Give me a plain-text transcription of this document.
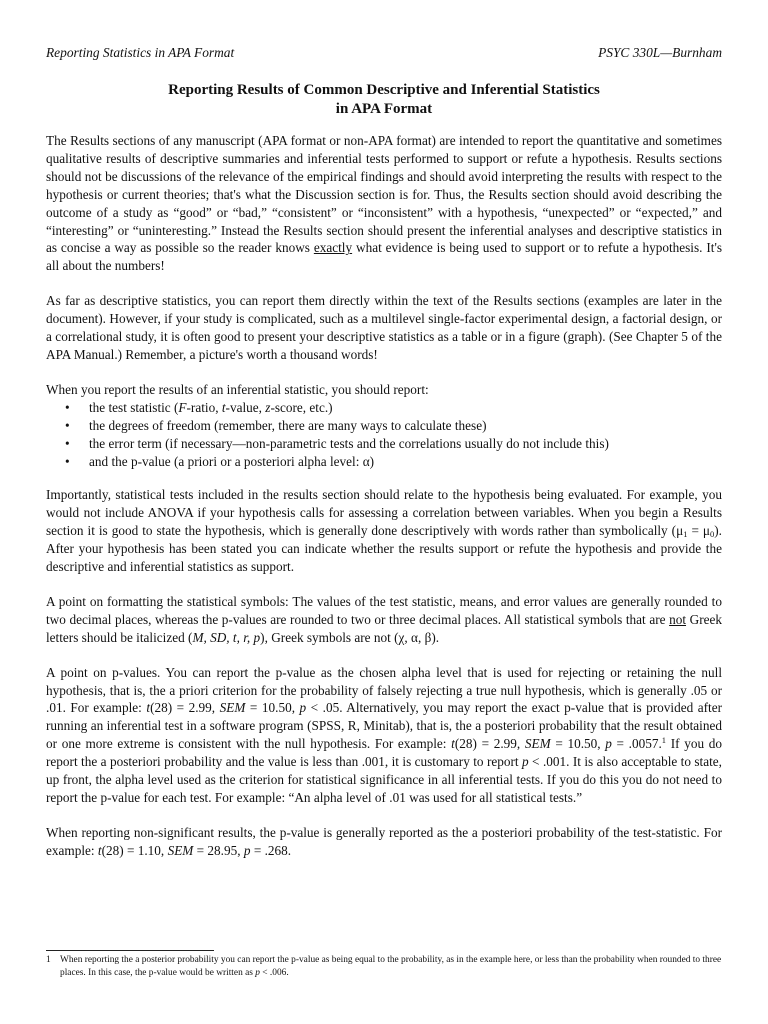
Reporting Statistics in APA Format	PSYC 330L—Burnham
Reporting Results of Common Descriptive and Inferential Statistics
in APA Format

The Results sections of any manuscript (APA format or non-APA format) are intended to report the quantitative and sometimes qualitative results of descriptive summaries and inferential tests performed to support or refute a hypothesis. Results sections should not be discussions of the relevance of the empirical findings and should avoid interpreting the results with respect to the hypothesis or current theories; that's what the Discussion section is for. Thus, the Results section should avoid describing the outcome of a study as “good” or “bad,” “consistent” or “inconsistent” with a hypothesis, “unexpected” or “expected,” and “interesting” or “uninteresting.” Instead the Results section should present the inferential analyses and descriptive statistics in as concise a way as possible so the reader knows exactly what evidence is being used to support or to refute a hypothesis. It's all about the numbers!

As far as descriptive statistics, you can report them directly within the text of the Results sections (examples are later in the document). However, if your study is complicated, such as a multilevel single-factor experimental design, a factorial design, or a correlational study, it is often good to present your descriptive statistics as a table or in a figure (graph). (See Chapter 5 of the APA Manual.) Remember, a picture's worth a thousand words!

When you report the results of an inferential statistic, you should report:

• the test statistic (F-ratio, t-value, z-score, etc.)
• the degrees of freedom (remember, there are many ways to calculate these)
• the error term (if necessary—non-parametric tests and the correlations usually do not include this)
• and the p-value (a priori or a posteriori alpha level: α)

Importantly, statistical tests included in the results section should relate to the hypothesis being evaluated. For example, you would not include ANOVA if your hypothesis calls for assessing a correlation between variables. When you begin a Results section it is good to state the hypothesis, which is generally done descriptively with words rather than symbolically $(\mu_1 = \mu_0)$. After your hypothesis has been stated you can indicate whether the results support or refute the hypothesis and provide the descriptive and inferential statistics as support.

A point on formatting the statistical symbols: The values of the test statistic, means, and error values are generally rounded to two decimal places, whereas the p-values are rounded to two or three decimal places. All statistical symbols that are not Greek letters should be italicized (M, SD, t, r, p), Greek symbols are not (χ, α, β).

A point on p-values. You can report the p-value as the chosen alpha level that is used for rejecting or retaining the null hypothesis, that is, the a priori criterion for the probability of falsely rejecting a true null hypothesis, which is generally .05 or .01. For example: t(28) = 2.99, SEM = 10.50, p < .05. Alternatively, you may report the exact p-value that is provided after running an inferential test in a software program (SPSS, R, Minitab), that is, the a posteriori probability that the result obtained or one more extreme is consistent with the null hypothesis. For example: t(28) = 2.99, SEM = 10.50, p = .0057.$^1$ If you do report the a posteriori probability and the value is less than .001, it is customary to report p < .001. It is also acceptable to state, up front, the alpha level used as the criterion for statistical significance in all inferential tests. If you do this you do not need to report the p-value for each test. For example: “An alpha level of .01 was used for all statistical tests.”

When reporting non-significant results, the p-value is generally reported as the a posteriori probability of the test-statistic. For example: t(28) = 1.10, SEM = 28.95, p = .268.

1 When reporting the a posterior probability you can report the p-value as being equal to the probability, as in the example here, or less than the probability when rounded to three places. In this case, the p-value would be written as p < .006.
